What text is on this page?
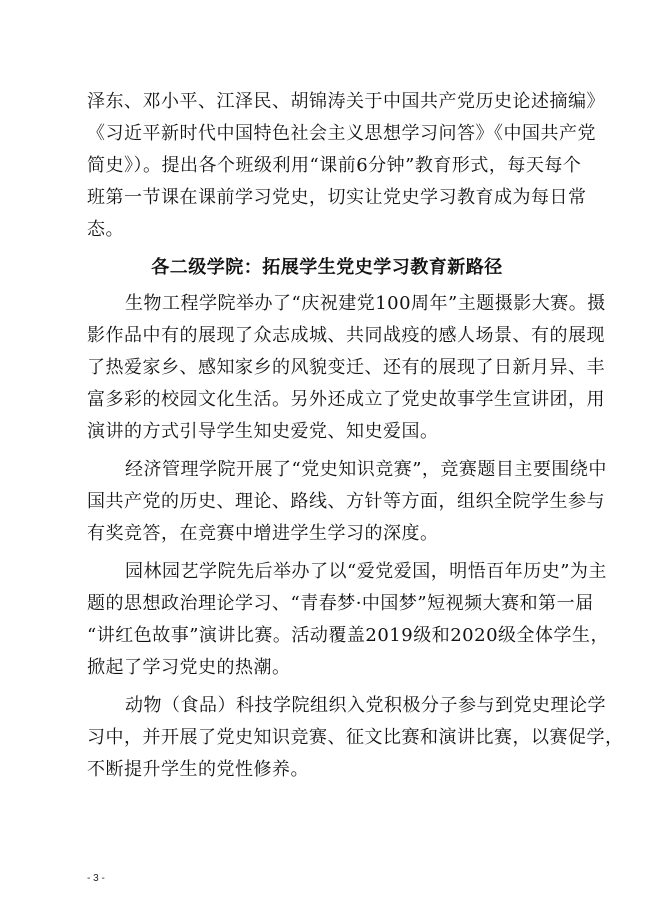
泽东、邓小平、江泽民、胡锦涛关于中国共产党历史论述摘编》
《习近平新时代中国特色社会主义思想学习问答》《中国共产党
简史》）。提出各个班级利用“课前6分钟”教育形式，每天每个
班第一节课在课前学习党史，切实让党史学习教育成为每日常
态。
各二级学院：拓展学生党史学习教育新路径
生物工程学院举办了“庆祝建党100周年”主题摄影大赛。摄
影作品中有的展现了众志成城、共同战疫的感人场景、有的展现
了热爱家乡、感知家乡的风貌变迁、还有的展现了日新月异、丰
富多彩的校园文化生活。另外还成立了党史故事学生宣讲团，用
演讲的方式引导学生知史爱党、知史爱国。
经济管理学院开展了“党史知识竞赛”，竞赛题目主要围绕中
国共产党的历史、理论、路线、方针等方面，组织全院学生参与
有奖竞答，在竞赛中增进学生学习的深度。
园林园艺学院先后举办了以“爱党爱国，明悟百年历史”为主
题的思想政治理论学习、“青春梦·中国梦”短视频大赛和第一届
“讲红色故事”演讲比赛。活动覆盖2019级和2020级全体学生，
掀起了学习党史的热潮。
动物（食品）科技学院组织入党积极分子参与到党史理论学
习中，并开展了党史知识竞赛、征文比赛和演讲比赛，以赛促学，
不断提升学生的党性修养。
- 3 -
